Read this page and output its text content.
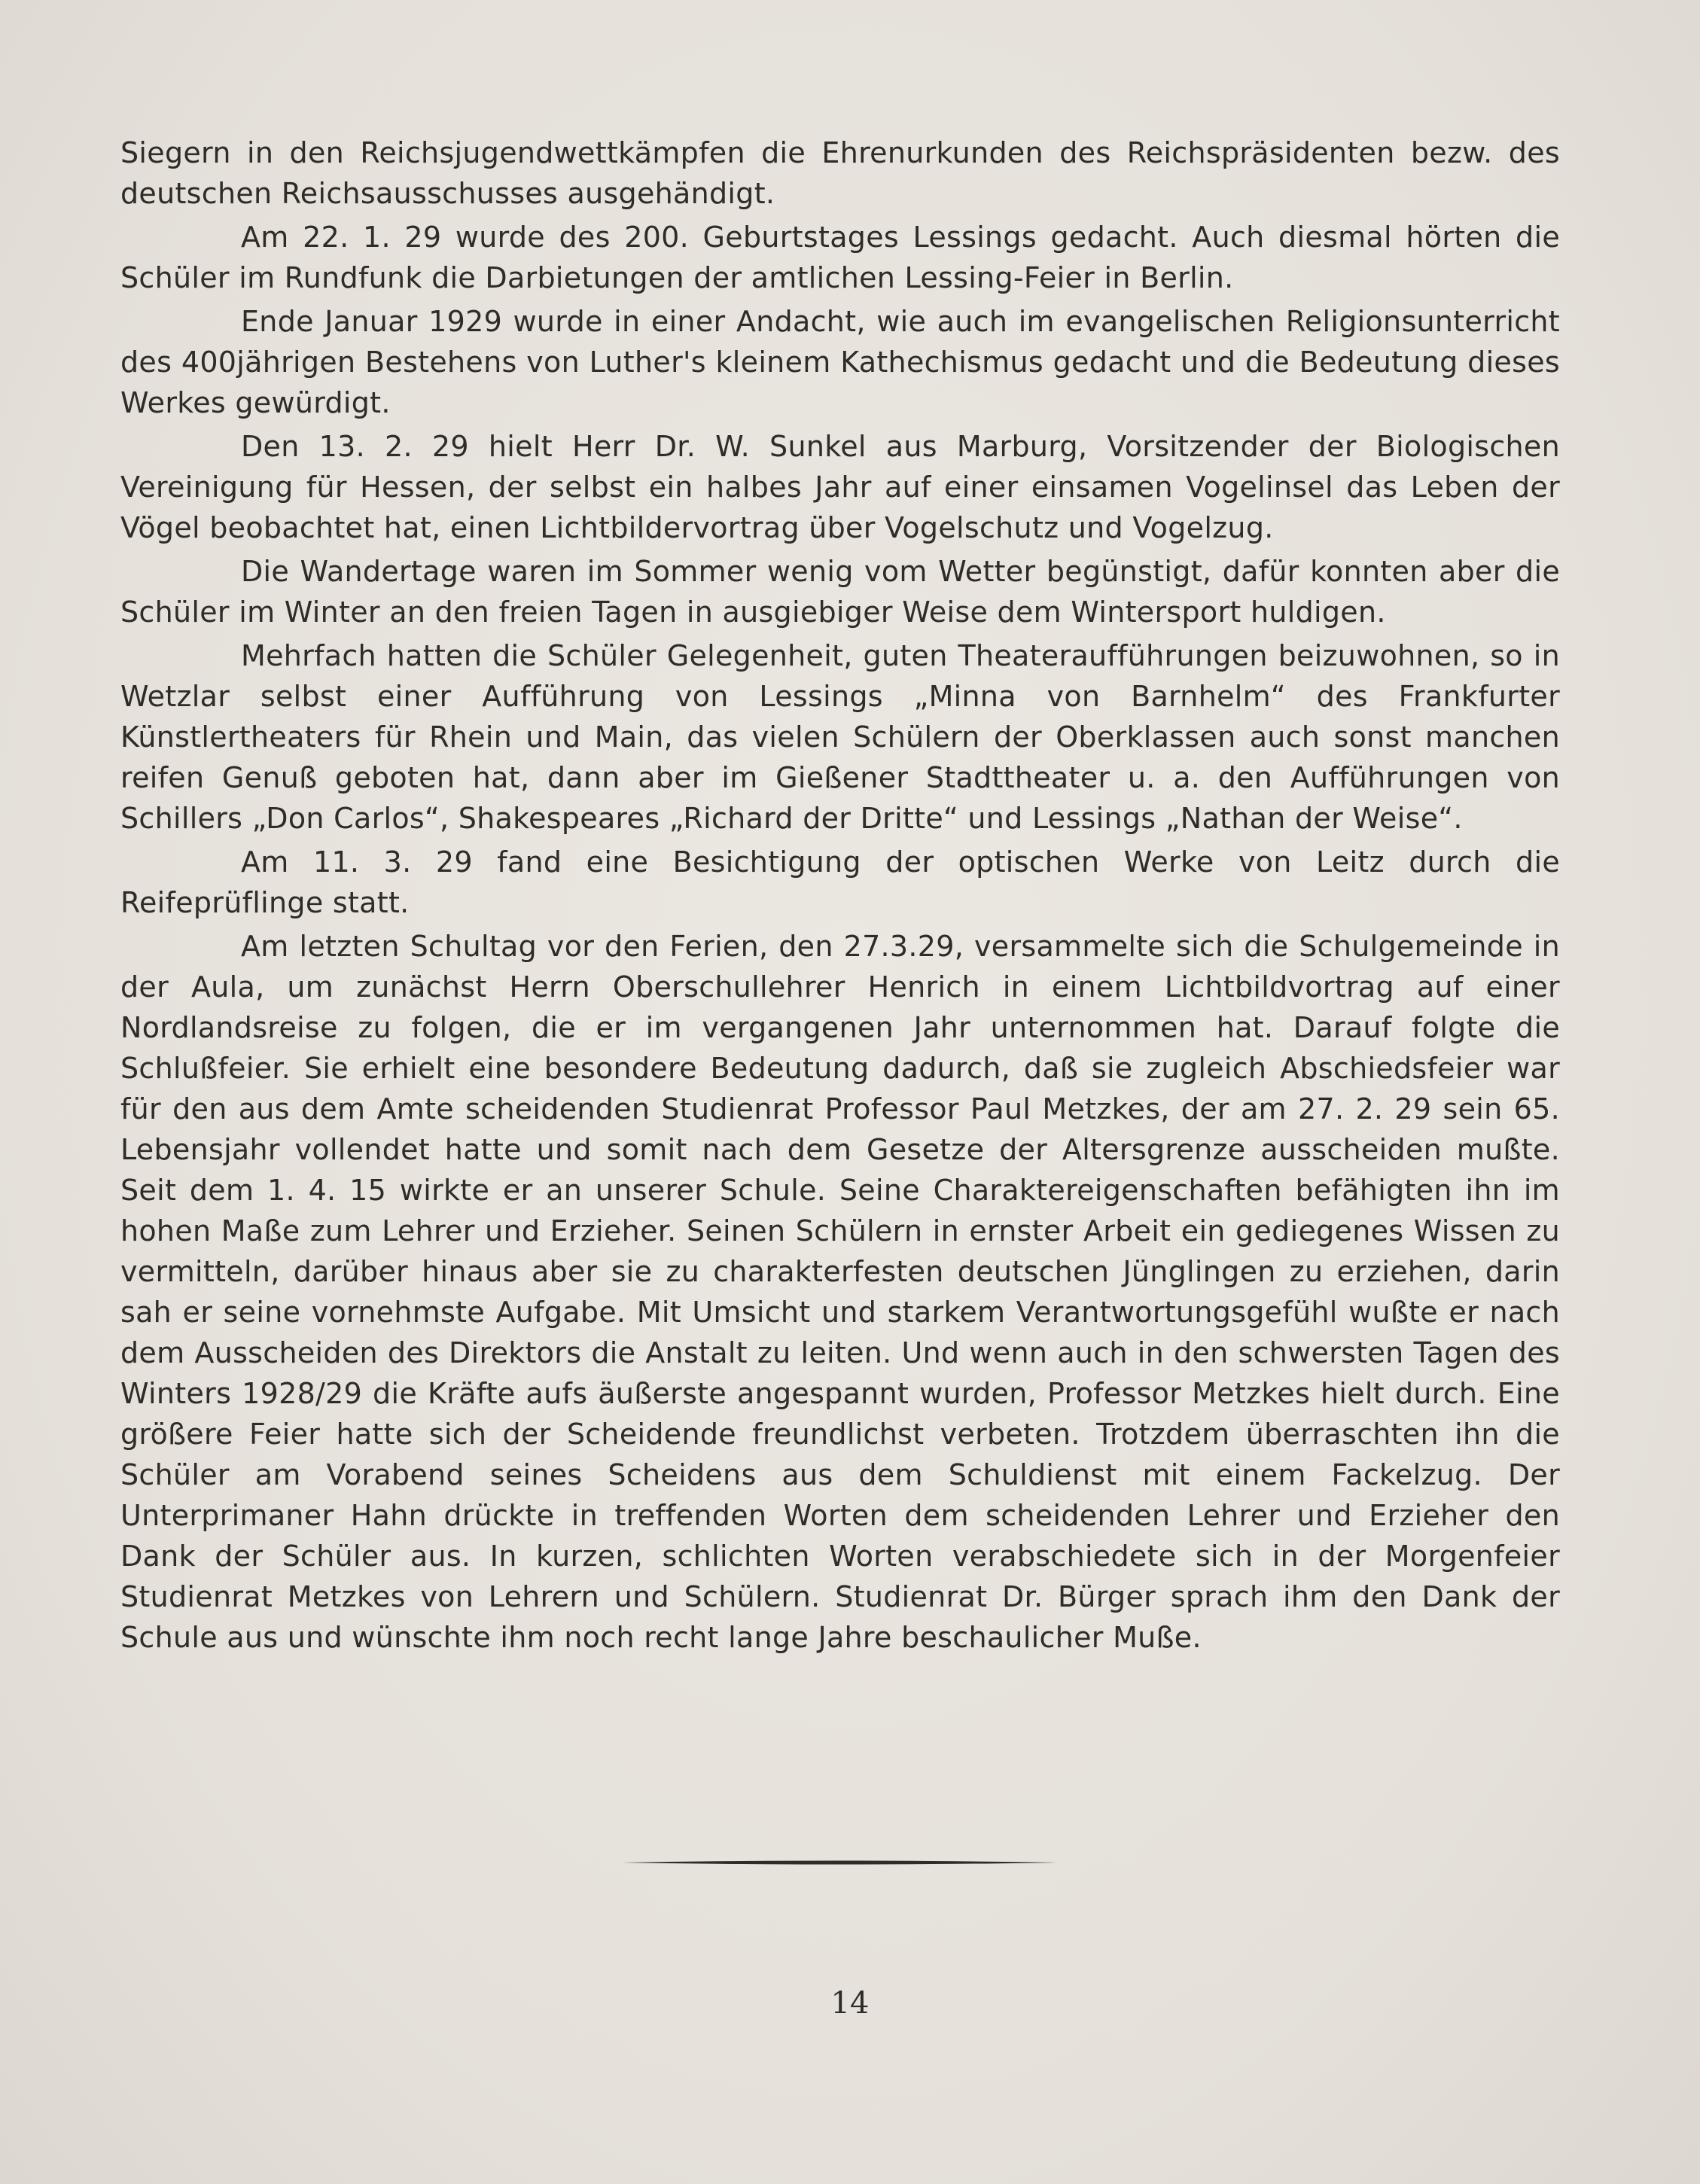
Siegern in den Reichsjugendwettkämpfen die Ehrenurkunden des Reichspräsidenten bezw. des deutschen Reichsausschusses ausgehändigt.

Am 22. 1. 29 wurde des 200. Geburtstages Lessings gedacht. Auch diesmal hörten die Schüler im Rundfunk die Darbietungen der amtlichen Lessing-Feier in Berlin.

Ende Januar 1929 wurde in einer Andacht, wie auch im evangelischen Religionsunterricht des 400jährigen Bestehens von Luther's kleinem Kathechismus gedacht und die Bedeutung dieses Werkes gewürdigt.

Den 13. 2. 29 hielt Herr Dr. W. Sunkel aus Marburg, Vorsitzender der Biologischen Vereinigung für Hessen, der selbst ein halbes Jahr auf einer einsamen Vogelinsel das Leben der Vögel beobachtet hat, einen Lichtbildervortrag über Vogelschutz und Vogelzug.

Die Wandertage waren im Sommer wenig vom Wetter begünstigt, dafür konnten aber die Schüler im Winter an den freien Tagen in ausgiebiger Weise dem Wintersport huldigen.

Mehrfach hatten die Schüler Gelegenheit, guten Theateraufführungen beizuwohnen, so in Wetzlar selbst einer Aufführung von Lessings „Minna von Barnhelm“ des Frankfurter Künstlertheaters für Rhein und Main, das vielen Schülern der Oberklassen auch sonst manchen reifen Genuß geboten hat, dann aber im Gießener Stadttheater u. a. den Aufführungen von Schillers „Don Carlos“, Shakespeares „Richard der Dritte“ und Lessings „Nathan der Weise“.

Am 11. 3. 29 fand eine Besichtigung der optischen Werke von Leitz durch die Reifeprüflinge statt.

Am letzten Schultag vor den Ferien, den 27.3.29, versammelte sich die Schulgemeinde in der Aula, um zunächst Herrn Oberschullehrer Henrich in einem Lichtbildvortrag auf einer Nordlandsreise zu folgen, die er im vergangenen Jahr unternommen hat. Darauf folgte die Schlußfeier. Sie erhielt eine besondere Bedeutung dadurch, daß sie zugleich Abschiedsfeier war für den aus dem Amte scheidenden Studienrat Professor Paul Metzkes, der am 27. 2. 29 sein 65. Lebensjahr vollendet hatte und somit nach dem Gesetze der Altersgrenze ausscheiden mußte. Seit dem 1. 4. 15 wirkte er an unserer Schule. Seine Charaktereigenschaften befähigten ihn im hohen Maße zum Lehrer und Erzieher. Seinen Schülern in ernster Arbeit ein gediegenes Wissen zu vermitteln, darüber hinaus aber sie zu charakterfesten deutschen Jünglingen zu erziehen, darin sah er seine vornehmste Aufgabe. Mit Umsicht und starkem Verantwortungsgefühl wußte er nach dem Ausscheiden des Direktors die Anstalt zu leiten. Und wenn auch in den schwersten Tagen des Winters 1928/29 die Kräfte aufs äußerste angespannt wurden, Professor Metzkes hielt durch. Eine größere Feier hatte sich der Scheidende freundlichst verbeten. Trotzdem überraschten ihn die Schüler am Vorabend seines Scheidens aus dem Schuldienst mit einem Fackelzug. Der Unterprimaner Hahn drückte in treffenden Worten dem scheidenden Lehrer und Erzieher den Dank der Schüler aus. In kurzen, schlichten Worten verabschiedete sich in der Morgenfeier Studienrat Metzkes von Lehrern und Schülern. Studienrat Dr. Bürger sprach ihm den Dank der Schule aus und wünschte ihm noch recht lange Jahre beschaulicher Muße.

14
